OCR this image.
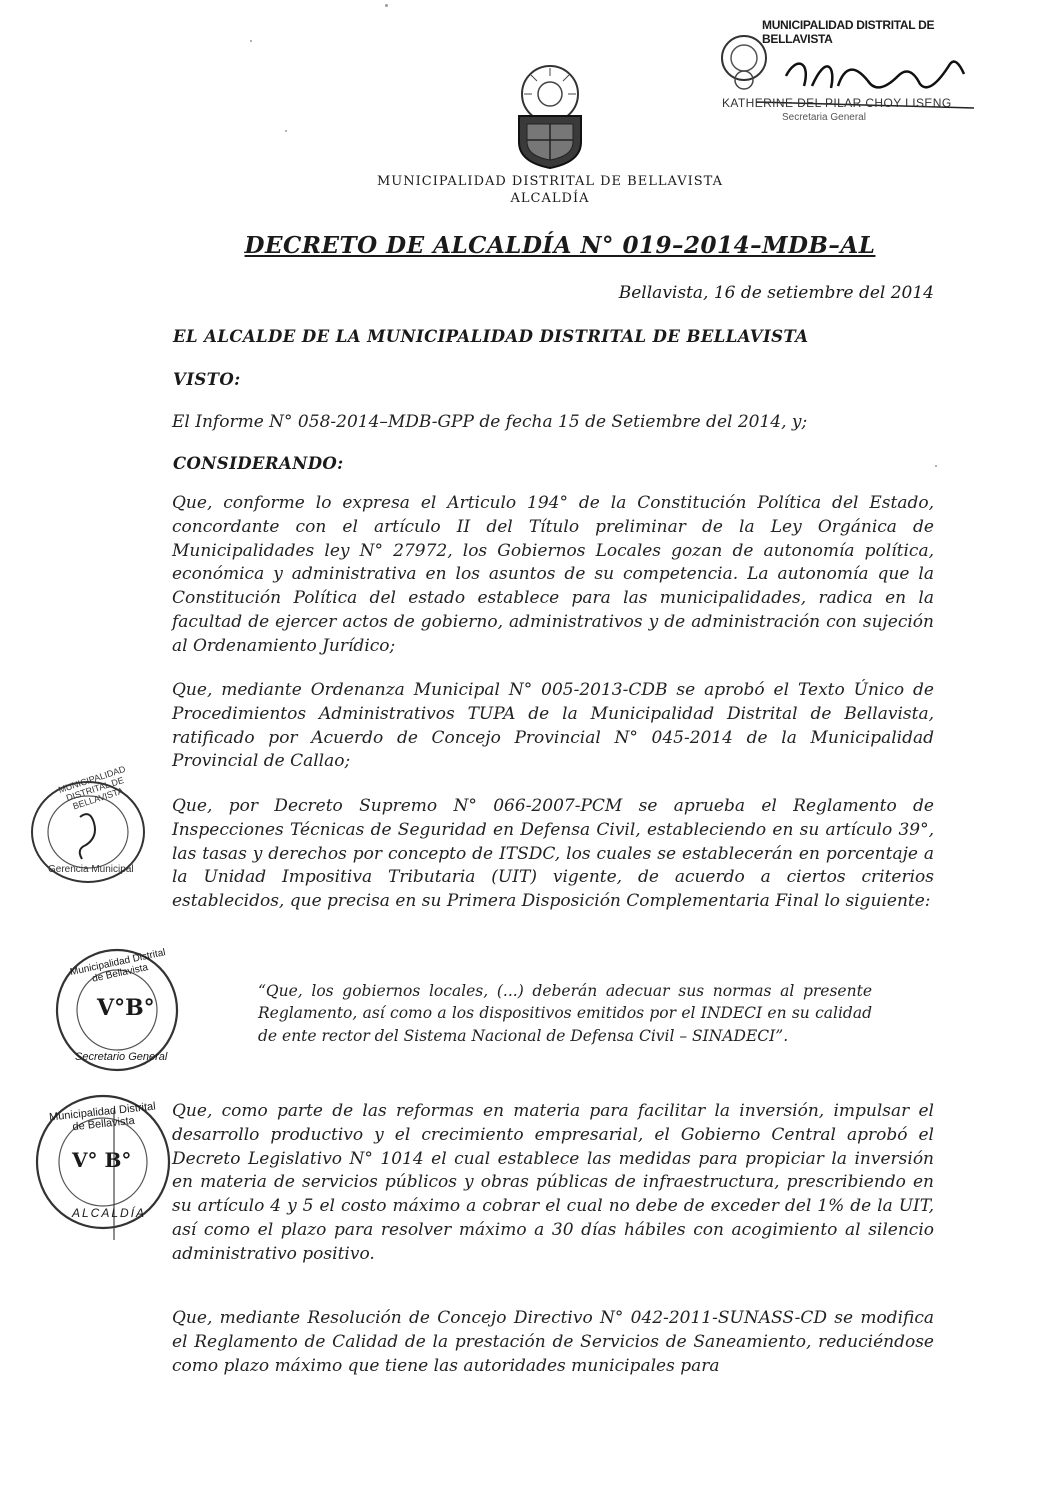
MUNICIPALIDAD DISTRITAL DE BELLAVISTA
KATHERINE DEL PILAR CHOY LISENG
Secretaria General
MUNICIPALIDAD DISTRITAL DE BELLAVISTA
ALCALDÍA
DECRETO DE ALCALDÍA N° 019–2014–MDB–AL
Bellavista, 16 de setiembre del 2014
EL ALCALDE DE LA MUNICIPALIDAD DISTRITAL DE BELLAVISTA
VISTO:
El Informe N° 058-2014–MDB-GPP de fecha 15 de Setiembre del 2014, y;
CONSIDERANDO:
Que, conforme lo expresa el Articulo 194° de la Constitución Política del Estado, concordante con el artículo II del Título preliminar de la Ley Orgánica de Municipalidades ley N° 27972, los Gobiernos Locales gozan de autonomía política, económica y administrativa en los asuntos de su competencia. La autonomía que la Constitución Política del estado establece para las municipalidades, radica en la facultad de ejercer actos de gobierno, administrativos y de administración con sujeción al Ordenamiento Jurídico;
Que, mediante Ordenanza Municipal N° 005-2013-CDB se aprobó el Texto Único de Procedimientos Administrativos TUPA de la Municipalidad Distrital de Bellavista, ratificado por Acuerdo de Concejo Provincial N° 045-2014 de la Municipalidad Provincial de Callao;
Que, por Decreto Supremo N° 066-2007-PCM se aprueba el Reglamento de Inspecciones Técnicas de Seguridad en Defensa Civil, estableciendo en su artículo 39°, las tasas y derechos por concepto de ITSDC, los cuales se establecerán en porcentaje a la Unidad Impositiva Tributaria (UIT) vigente, de acuerdo a ciertos criterios establecidos, que precisa en su Primera Disposición Complementaria Final lo siguiente:
“Que, los gobiernos locales, (...) deberán adecuar sus normas al presente Reglamento, así como a los dispositivos emitidos por el INDECI en su calidad de ente rector del Sistema Nacional de Defensa Civil – SINADECI”.
Que, como parte de las reformas en materia para facilitar la inversión, impulsar el desarrollo productivo y el crecimiento empresarial, el Gobierno Central aprobó el Decreto Legislativo N° 1014 el cual establece las medidas para propiciar la inversión en materia de servicios públicos y obras públicas de infraestructura, prescribiendo en su artículo 4 y 5 el costo máximo a cobrar el cual no debe de exceder del 1% de la UIT, así como el plazo para resolver máximo a 30 días hábiles con acogimiento al silencio administrativo positivo.
Que, mediante Resolución de Concejo Directivo N° 042-2011-SUNASS-CD se modifica el Reglamento de Calidad de la prestación de Servicios de Saneamiento, reduciéndose como plazo máximo que tiene las autoridades municipales para
MUNICIPALIDAD DISTRITAL DE BELLAVISTA
Gerencia Municipal
Municipalidad Distrital de Bellavista
V°B°
Secretario General
Municipalidad Distrital de Bellavista
V° B°
ALCALDÍA
